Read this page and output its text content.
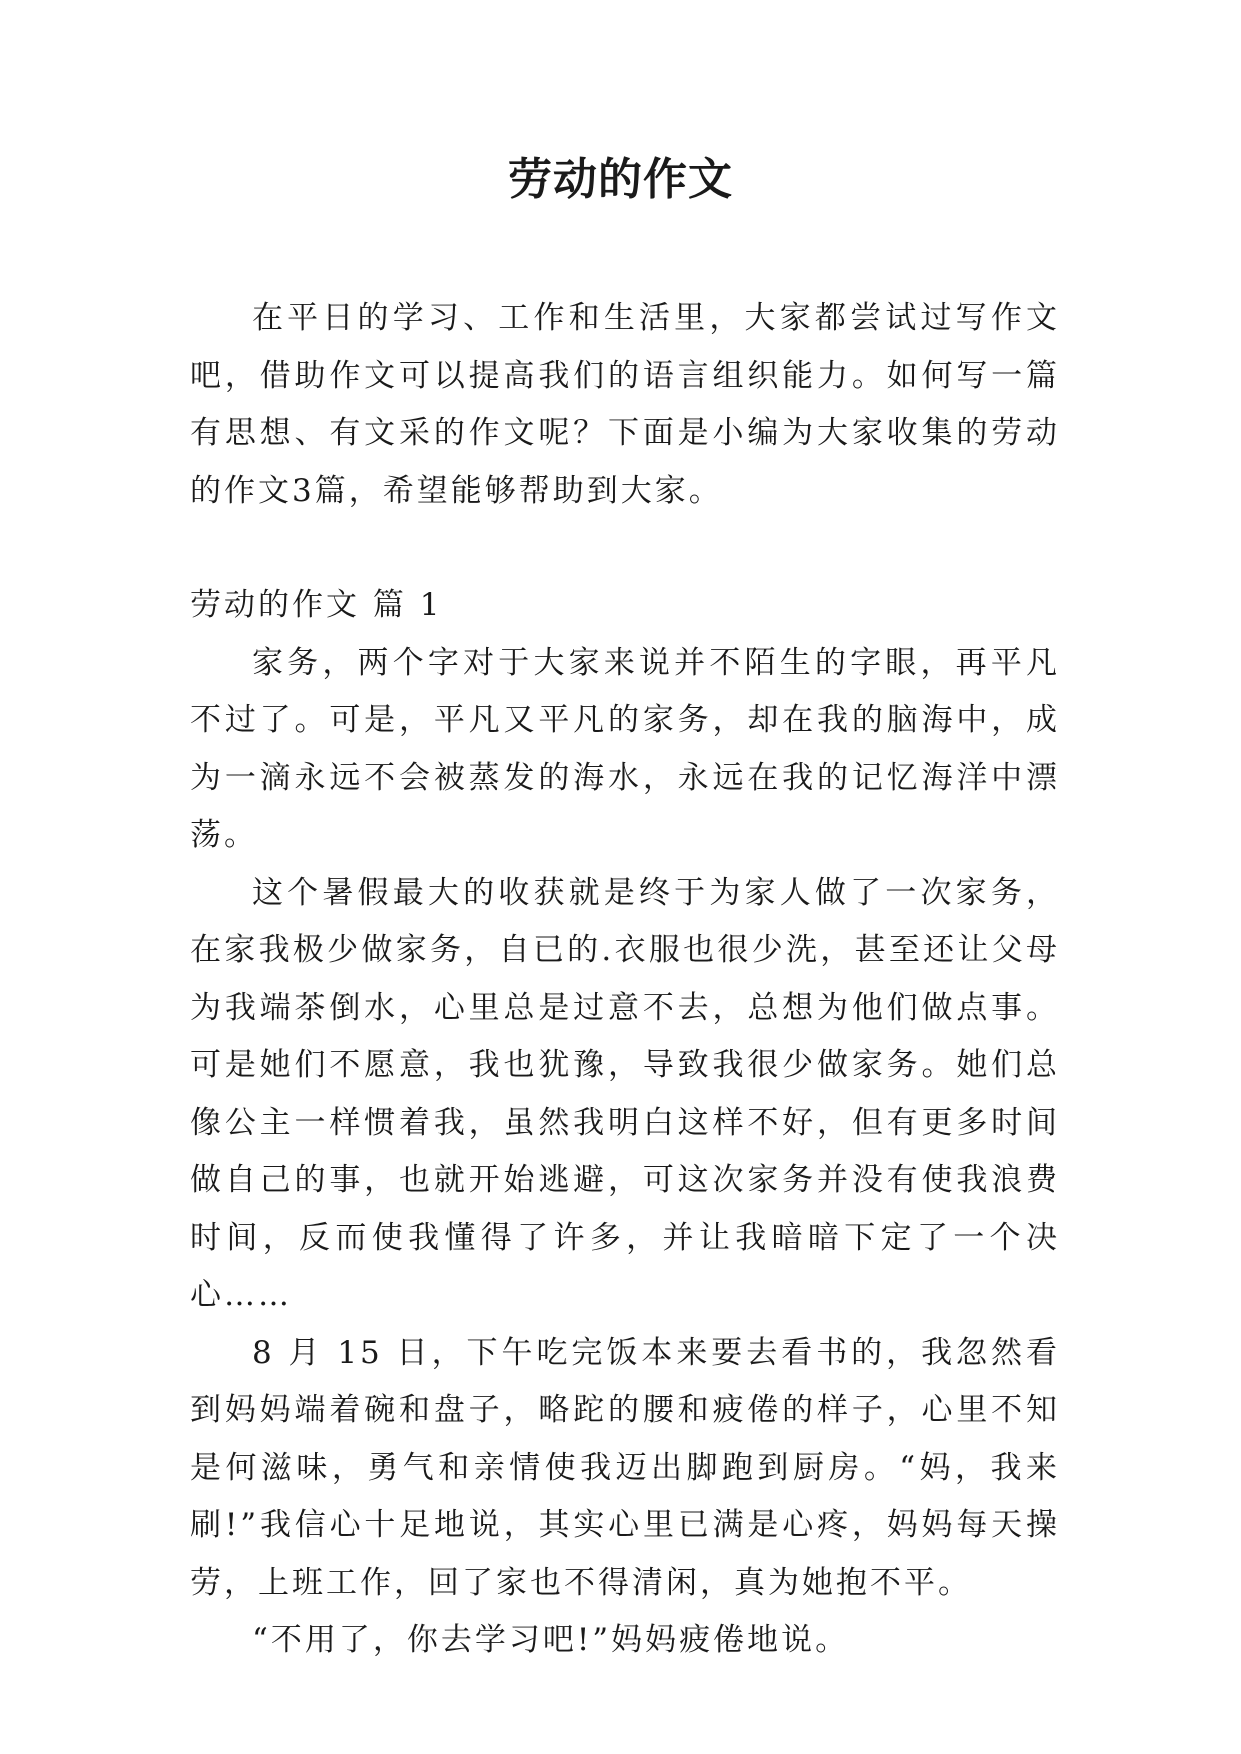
劳动的作文

在平日的学习、工作和生活里，大家都尝试过写作文吧，借助作文可以提高我们的语言组织能力。如何写一篇有思想、有文采的作文呢？下面是小编为大家收集的劳动的作文3篇，希望能够帮助到大家。

劳动的作文 篇 1

家务，两个字对于大家来说并不陌生的字眼，再平凡不过了。可是，平凡又平凡的家务，却在我的脑海中，成为一滴永远不会被蒸发的海水，永远在我的记忆海洋中漂荡。

这个暑假最大的收获就是终于为家人做了一次家务，在家我极少做家务，自已的.衣服也很少洗，甚至还让父母为我端茶倒水，心里总是过意不去，总想为他们做点事。可是她们不愿意，我也犹豫，导致我很少做家务。她们总像公主一样惯着我，虽然我明白这样不好，但有更多时间做自己的事，也就开始逃避，可这次家务并没有使我浪费时间，反而使我懂得了许多，并让我暗暗下定了一个决心……

8 月 15 日，下午吃完饭本来要去看书的，我忽然看到妈妈端着碗和盘子，略跎的腰和疲倦的样子，心里不知是何滋味，勇气和亲情使我迈出脚跑到厨房。“妈，我来刷!”我信心十足地说，其实心里已满是心疼，妈妈每天操劳，上班工作，回了家也不得清闲，真为她抱不平。

“不用了，你去学习吧!”妈妈疲倦地说。
